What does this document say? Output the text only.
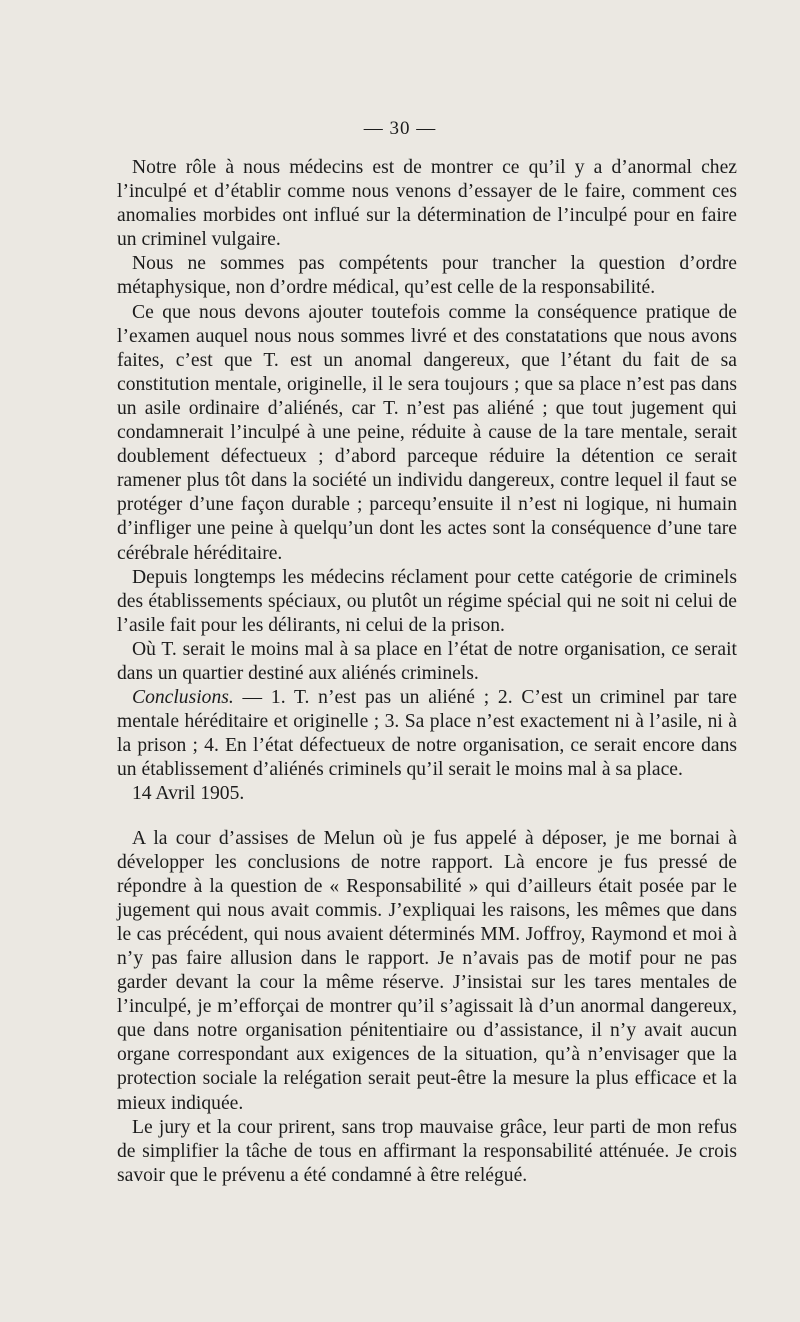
— 30 —

Notre rôle à nous médecins est de montrer ce qu’il y a d’anormal chez l’inculpé et d’établir comme nous venons d’essayer de le faire, comment ces anomalies morbides ont influé sur la détermination de l’inculpé pour en faire un criminel vulgaire.

Nous ne sommes pas compétents pour trancher la question d’ordre métaphysique, non d’ordre médical, qu’est celle de la responsabilité.

Ce que nous devons ajouter toutefois comme la conséquence pratique de l’examen auquel nous nous sommes livré et des constatations que nous avons faites, c’est que T. est un anomal dangereux, que l’étant du fait de sa constitution mentale, originelle, il le sera toujours ; que sa place n’est pas dans un asile ordinaire d’aliénés, car T. n’est pas aliéné ; que tout jugement qui condamnerait l’inculpé à une peine, réduite à cause de la tare mentale, serait doublement défectueux ; d’abord parceque réduire la détention ce serait ramener plus tôt dans la société un individu dangereux, contre lequel il faut se protéger d’une façon durable ; parcequ’ensuite il n’est ni logique, ni humain d’infliger une peine à quelqu’un dont les actes sont la conséquence d’une tare cérébrale héréditaire.

Depuis longtemps les médecins réclament pour cette catégorie de criminels des établissements spéciaux, ou plutôt un régime spécial qui ne soit ni celui de l’asile fait pour les délirants, ni celui de la prison.

Où T. serait le moins mal à sa place en l’état de notre organisation, ce serait dans un quartier destiné aux aliénés criminels.

Conclusions. — 1. T. n’est pas un aliéné ; 2. C’est un criminel par tare mentale héréditaire et originelle ; 3. Sa place n’est exactement ni à l’asile, ni à la prison ; 4. En l’état défectueux de notre organisation, ce serait encore dans un établissement d’aliénés criminels qu’il serait le moins mal à sa place.

14 Avril 1905.

A la cour d’assises de Melun où je fus appelé à déposer, je me bornai à développer les conclusions de notre rapport. Là encore je fus pressé de répondre à la question de « Responsabilité » qui d’ailleurs était posée par le jugement qui nous avait commis. J’expliquai les raisons, les mêmes que dans le cas précédent, qui nous avaient déterminés MM. Joffroy, Raymond et moi à n’y pas faire allusion dans le rapport. Je n’avais pas de motif pour ne pas garder devant la cour la même réserve. J’insistai sur les tares mentales de l’inculpé, je m’efforçai de montrer qu’il s’agissait là d’un anormal dangereux, que dans notre organisation pénitentiaire ou d’assistance, il n’y avait aucun organe correspondant aux exigences de la situation, qu’à n’envisager que la protection sociale la relégation serait peut-être la mesure la plus efficace et la mieux indiquée.

Le jury et la cour prirent, sans trop mauvaise grâce, leur parti de mon refus de simplifier la tâche de tous en affirmant la responsabilité atténuée. Je crois savoir que le prévenu a été condamné à être relégué.
